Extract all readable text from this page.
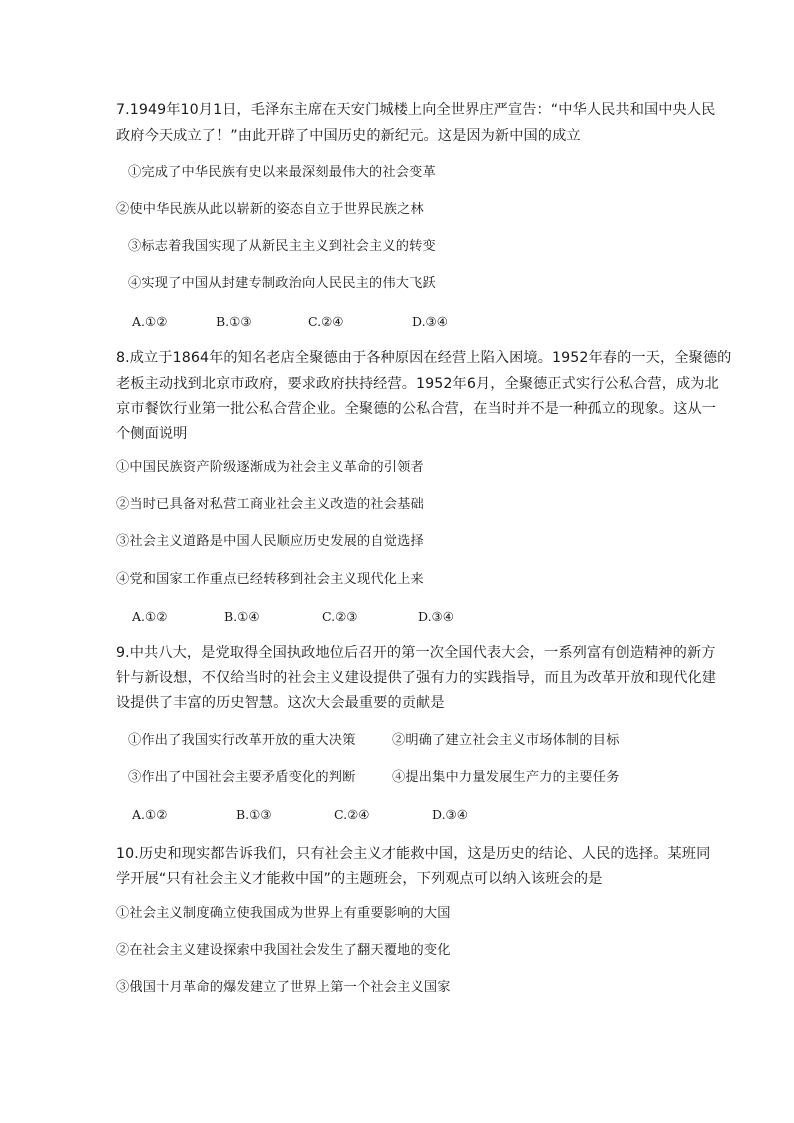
7.1949年10月1日，毛泽东主席在天安门城楼上向全世界庄严宣告：“中华人民共和国中央人民
政府今天成立了！”由此开辟了中国历史的新纪元。这是因为新中国的成立
①完成了中华民族有史以来最深刻最伟大的社会变革
②使中华民族从此以崭新的姿态自立于世界民族之林
③标志着我国实现了从新民主主义到社会主义的转变
④实现了中国从封建专制政治向人民民主的伟大飞跃
A.①②	B.①③	C.②④	D.③④
8.成立于1864年的知名老店全聚德由于各种原因在经营上陷入困境。1952年春的一天，全聚德的
老板主动找到北京市政府，要求政府扶持经营。1952年6月，全聚德正式实行公私合营，成为北
京市餐饮行业第一批公私合营企业。全聚德的公私合营，在当时并不是一种孤立的现象。这从一
个侧面说明
①中国民族资产阶级逐渐成为社会主义革命的引领者
②当时已具备对私营工商业社会主义改造的社会基础
③社会主义道路是中国人民顺应历史发展的自觉选择
④党和国家工作重点已经转移到社会主义现代化上来
A.①②	B.①④	C.②③	D.③④
9.中共八大，是党取得全国执政地位后召开的第一次全国代表大会，一系列富有创造精神的新方
针与新设想，不仅给当时的社会主义建设提供了强有力的实践指导，而且为改革开放和现代化建
设提供了丰富的历史智慧。这次大会最重要的贡献是
①作出了我国实行改革开放的重大决策	②明确了建立社会主义市场体制的目标
③作出了中国社会主要矛盾变化的判断	④提出集中力量发展生产力的主要任务
A.①②	B.①③	C.②④	D.③④
10.历史和现实都告诉我们，只有社会主义才能救中国，这是历史的结论、人民的选择。某班同
学开展“只有社会主义才能救中国”的主题班会，下列观点可以纳入该班会的是
①社会主义制度确立使我国成为世界上有重要影响的大国
②在社会主义建设探索中我国社会发生了翻天覆地的变化
③俄国十月革命的爆发建立了世界上第一个社会主义国家
